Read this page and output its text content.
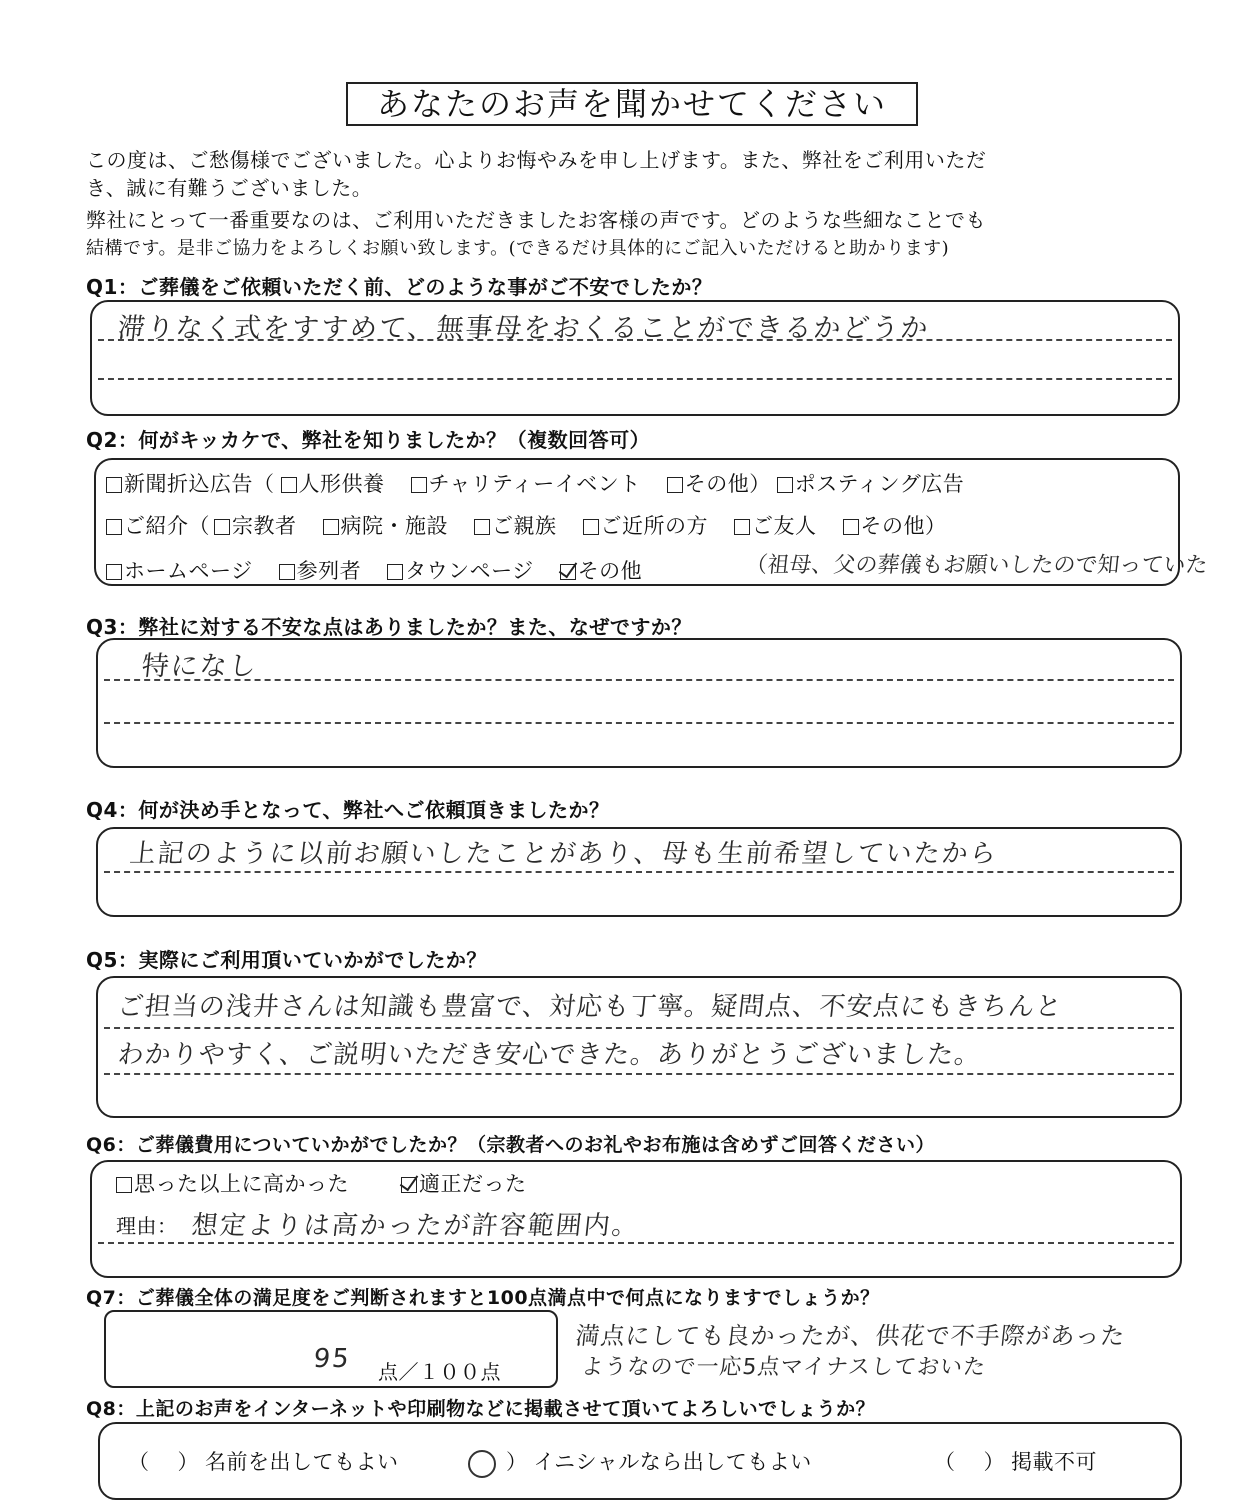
あなたのお声を聞かせてください
この度は、ご愁傷様でございました。心よりお悔やみを申し上げます。また、弊社をご利用いただ
き、誠に有難うございました。
弊社にとって一番重要なのは、ご利用いただきましたお客様の声です。どのような些細なことでも
結構です。是非ご協力をよろしくお願い致します。(できるだけ具体的にご記入いただけると助かります)
Q1：ご葬儀をご依頼いただく前、どのような事がご不安でしたか？
滞りなく式をすすめて、無事母をおくることができるかどうか
Q2：何がキッカケで、弊社を知りましたか？（複数回答可）
新聞折込広告（ 人形供養 チャリティーイベント その他） ポスティング広告
ご紹介（ 宗教者 病院・施設 ご親族 ご近所の方 ご友人 その他）
ホームページ 参列者 タウンページ その他	（祖母、父の葬儀もお願いしたので知っていた
Q3：弊社に対する不安な点はありましたか？また、なぜですか？
特になし
Q4：何が決め手となって、弊社へご依頼頂きましたか？
上記のように以前お願いしたことがあり、母も生前希望していたから
Q5：実際にご利用頂いていかがでしたか？
ご担当の浅井さんは知識も豊富で、対応も丁寧。疑問点、不安点にもきちんと
わかりやすく、ご説明いただき安心できた。ありがとうございました。
Q6：ご葬儀費用についていかがでしたか？（宗教者へのお礼やお布施は含めずご回答ください）
思った以上に高かった	適正だった
理由： 想定よりは高かったが許容範囲内。
Q7：ご葬儀全体の満足度をご判断されますと100点満点中で何点になりますでしょうか？
95 点／１００点
満点にしても良かったが、供花で不手際があった
ようなので一応5点マイナスしておいた
Q8：上記のお声をインターネットや印刷物などに掲載させて頂いてよろしいでしょうか？
（ ） 名前を出してもよい	） イニシャルなら出してもよい	（ ） 掲載不可
